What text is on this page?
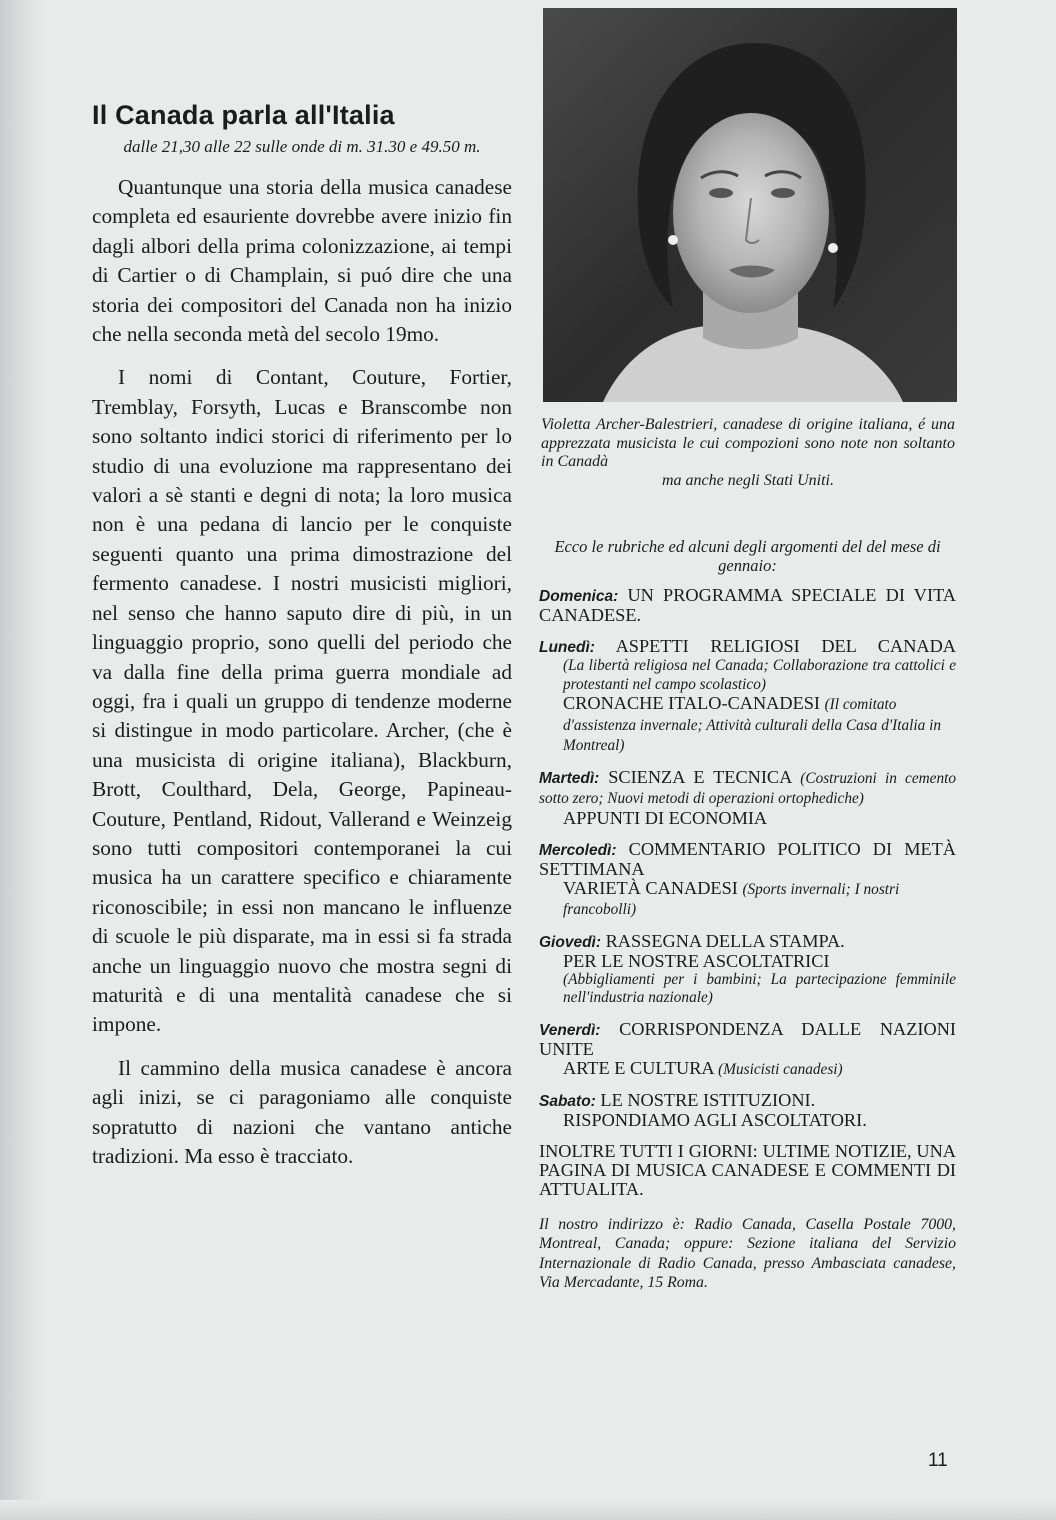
Il Canada parla all'Italia
dalle 21,30 alle 22 sulle onde di m. 31.30 e 49.50 m.

Quantunque una storia della musica canadese completa ed esauriente dovrebbe avere inizio fin dagli albori della prima colonizzazione, ai tempi di Cartier o di Champlain, si puó dire che una storia dei compositori del Canada non ha inizio che nella seconda metà del secolo 19mo.

I nomi di Contant, Couture, Fortier, Tremblay, Forsyth, Lucas e Branscombe non sono soltanto indici storici di riferimento per lo studio di una evoluzione ma rappresentano dei valori a sè stanti e degni di nota; la loro musica non è una pedana di lancio per le conquiste seguenti quanto una prima dimostrazione del fermento canadese. I nostri musicisti migliori, nel senso che hanno saputo dire di più, in un linguaggio proprio, sono quelli del periodo che va dalla fine della prima guerra mondiale ad oggi, fra i quali un gruppo di tendenze moderne si distingue in modo particolare. Archer, (che è una musicista di origine italiana), Blackburn, Brott, Coulthard, Dela, George, Papineau-Couture, Pentland, Ridout, Vallerand e Weinzeig sono tutti compositori contemporanei la cui musica ha un carattere specifico e chiaramente riconoscibile; in essi non mancano le influenze di scuole le più disparate, ma in essi si fa strada anche un linguaggio nuovo che mostra segni di maturità e di una mentalità canadese che si impone.

Il cammino della musica canadese è ancora agli inizi, se ci paragoniamo alle conquiste sopratutto di nazioni che vantano antiche tradizioni. Ma esso è tracciato.

Violetta Archer-Balestrieri, canadese di origine italiana, é una apprezzata musicista le cui compozioni sono note non soltanto in Canadà
ma anche negli Stati Uniti.

Ecco le rubriche ed alcuni degli argomenti del del mese di gennaio:

Domenica: UN PROGRAMMA SPECIALE DI VITA CANADESE.
Lunedì: ASPETTI RELIGIOSI DEL CANADA
(La libertà religiosa nel Canada; Collaborazione tra cattolici e protestanti nel campo scolastico)
CRONACHE ITALO-CANADESI (Il comitato d'assistenza invernale; Attività culturali della Casa d'Italia in Montreal)
Martedì: SCIENZA E TECNICA (Costruzioni in cemento sotto zero; Nuovi metodi di operazioni ortophediche)
APPUNTI DI ECONOMIA
Mercoledì: COMMENTARIO POLITICO DI METÀ SETTIMANA
VARIETÀ CANADESI (Sports invernali; I nostri francobolli)
Giovedì: RASSEGNA DELLA STAMPA.
PER LE NOSTRE ASCOLTATRICI
(Abbigliamenti per i bambini; La partecipazione femminile nell'industria nazionale)
Venerdì: CORRISPONDENZA DALLE NAZIONI UNITE
ARTE E CULTURA (Musicisti canadesi)
Sabato: LE NOSTRE ISTITUZIONI.
RISPONDIAMO AGLI ASCOLTATORI.

INOLTRE TUTTI I GIORNI: ULTIME NOTIZIE, UNA PAGINA DI MUSICA CANADESE E COMMENTI DI ATTUALITA.

Il nostro indirizzo è: Radio Canada, Casella Postale 7000, Montreal, Canada; oppure: Sezione italiana del Servizio Internazionale di Radio Canada, presso Ambasciata canadese, Via Mercadante, 15 Roma.

11
